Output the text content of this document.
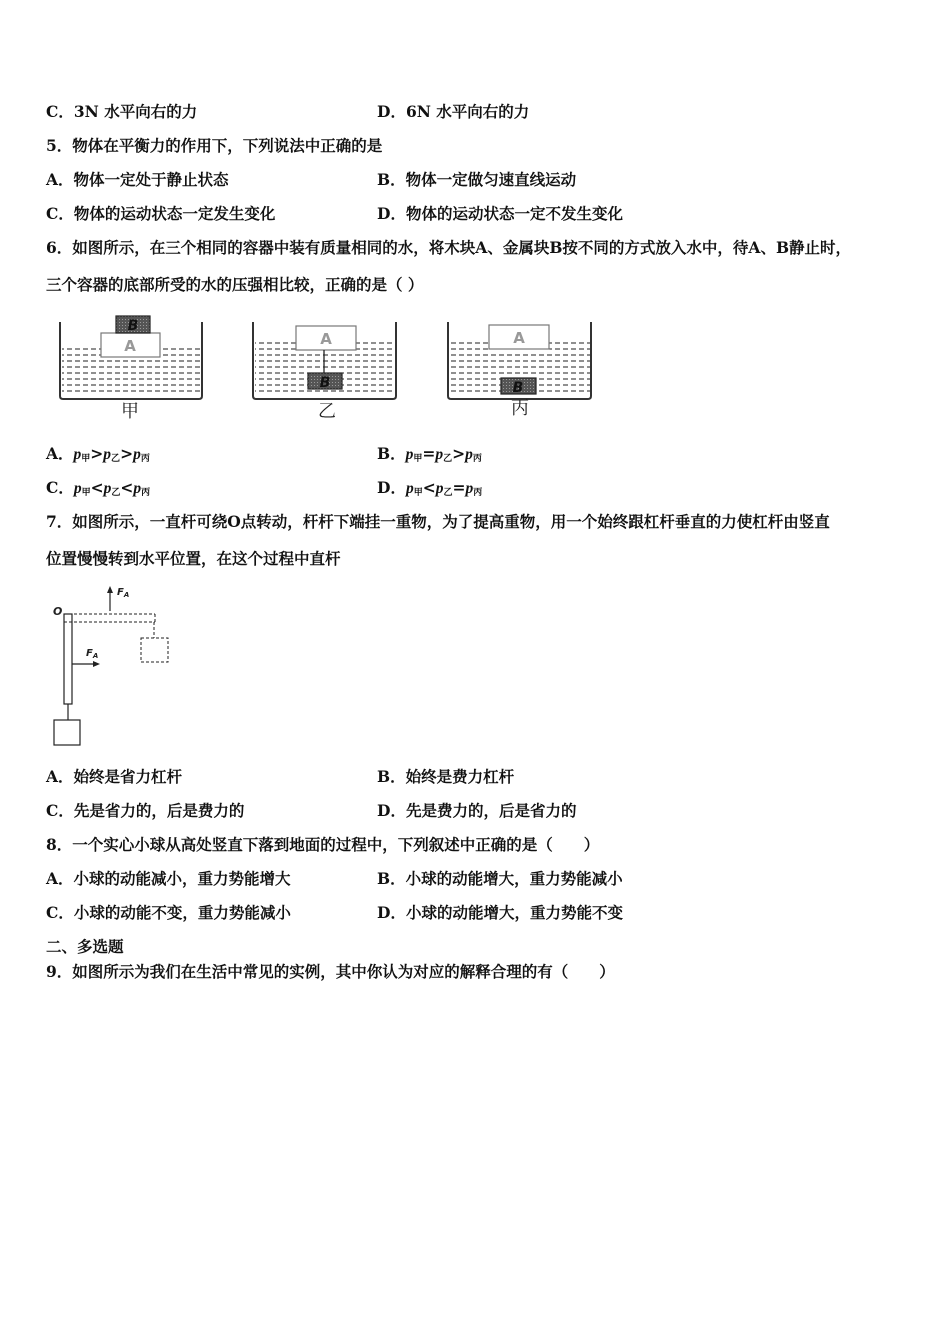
C．3N 水平向右的力	D．6N 水平向右的力
5．物体在平衡力的作用下，下列说法中正确的是
A．物体一定处于静止状态	B．物体一定做匀速直线运动
C．物体的运动状态一定发生变化	D．物体的运动状态一定不发生变化
6．如图所示，在三个相同的容器中装有质量相同的水，将木块A、金属块B按不同的方式放入水中，待A、B静止时，
三个容器的底部所受的水的压强相比较，正确的是（ ）
A
B
甲
A
B
乙
A
B
丙
A．p甲>p乙>p丙	B．p甲=p乙>p丙
C．p甲<p乙<p丙	D．p甲<p乙=p丙
7．如图所示，一直杆可绕O点转动，杆杆下端挂一重物，为了提高重物，用一个始终跟杠杆垂直的力使杠杆由竖直
位置慢慢转到水平位置，在这个过程中直杆
O
$F_A$
$F_A$
A．始终是省力杠杆	B．始终是费力杠杆
C．先是省力的，后是费力的	D．先是费力的，后是省力的
8．一个实心小球从高处竖直下落到地面的过程中，下列叙述中正确的是（　　）
A．小球的动能减小，重力势能增大	B．小球的动能增大，重力势能减小
C．小球的动能不变，重力势能减小	D．小球的动能增大，重力势能不变
二、多选题
9．如图所示为我们在生活中常见的实例，其中你认为对应的解释合理的有（　　）
